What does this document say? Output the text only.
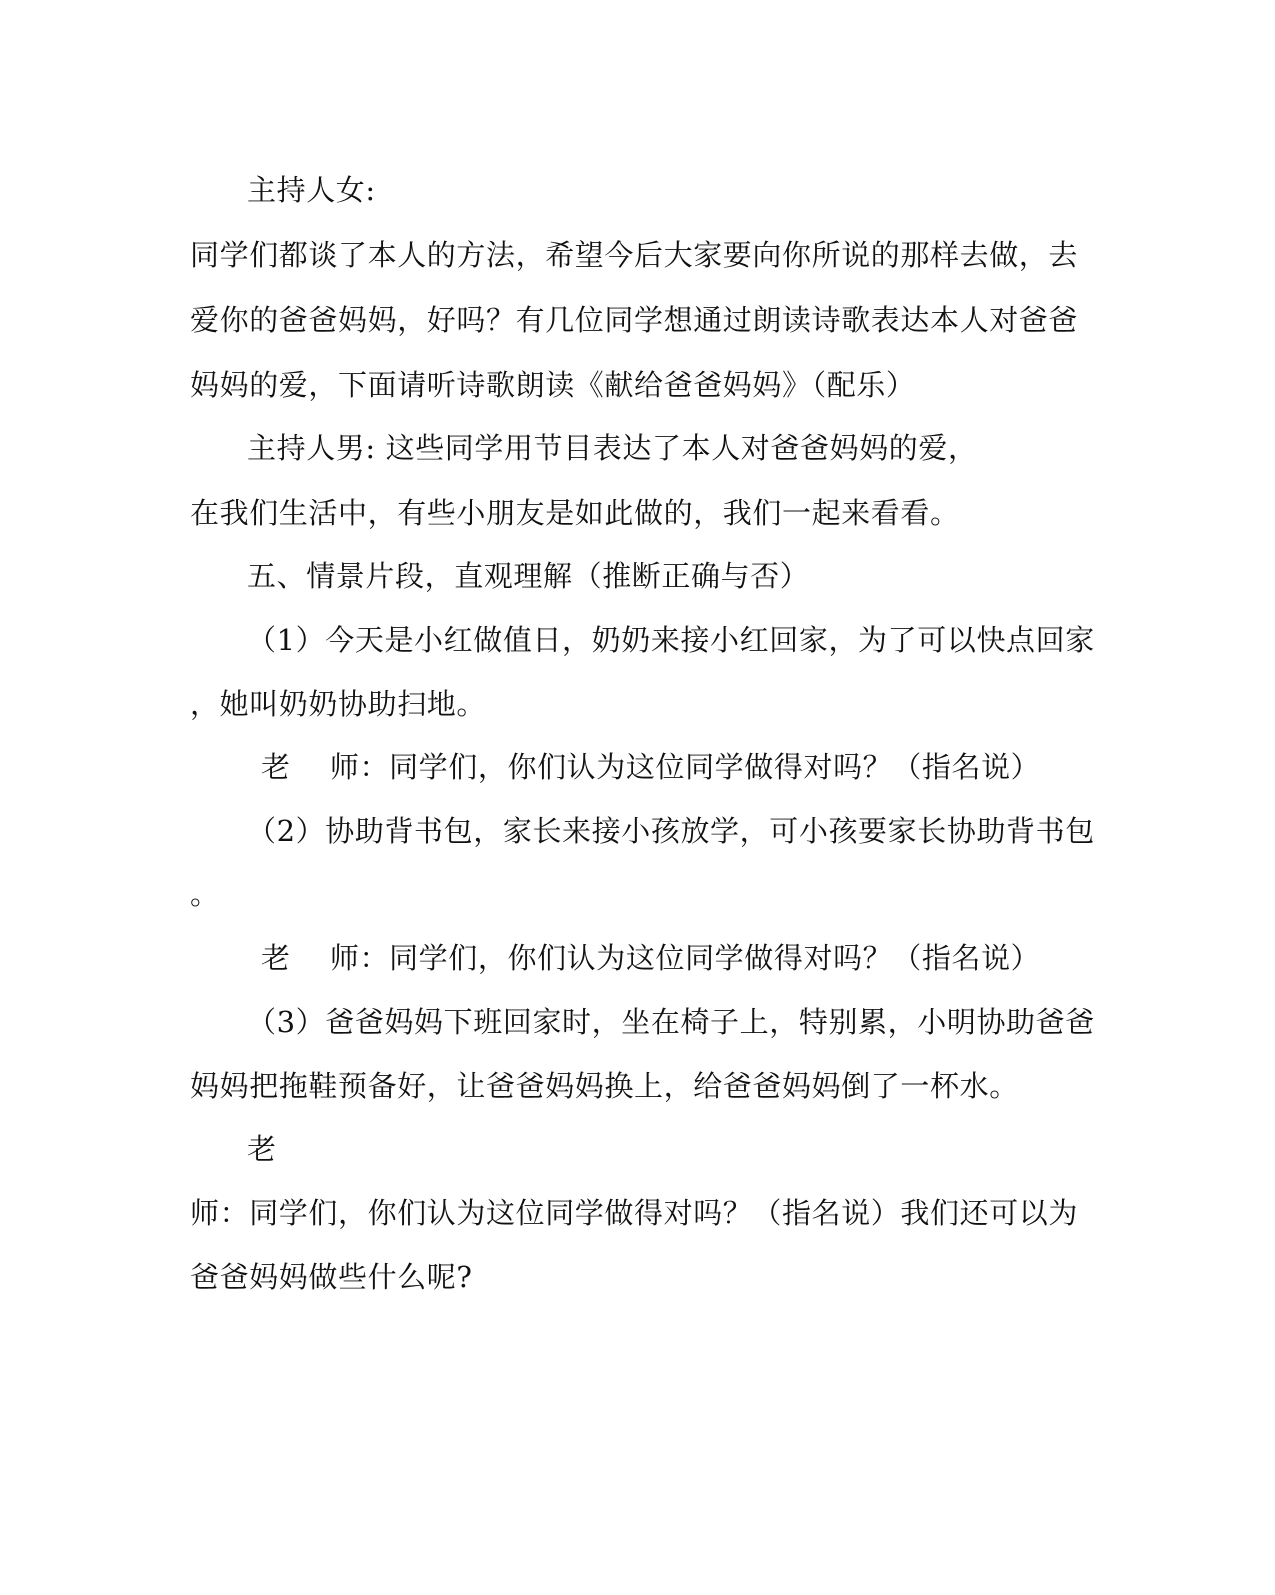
主持人女:
同学们都谈了本人的方法，希望今后大家要向你所说的那样去做，去
爱你的爸爸妈妈，好吗？有几位同学想通过朗读诗歌表达本人对爸爸
妈妈的爱，下面请听诗歌朗读《献给爸爸妈妈》（配乐）
主持人男: 这些同学用节目表达了本人对爸爸妈妈的爱，
在我们生活中，有些小朋友是如此做的，我们一起来看看。
五、情景片段，直观理解（推断正确与否）
（1）今天是小红做值日，奶奶来接小红回家，为了可以快点回家
，她叫奶奶协助扫地。
老    师：同学们，你们认为这位同学做得对吗？（指名说）
（2）协助背书包，家长来接小孩放学，可小孩要家长协助背书包
。
老    师：同学们，你们认为这位同学做得对吗？（指名说）
（3）爸爸妈妈下班回家时，坐在椅子上，特别累，小明协助爸爸
妈妈把拖鞋预备好，让爸爸妈妈换上，给爸爸妈妈倒了一杯水。
老
师：同学们，你们认为这位同学做得对吗？（指名说）我们还可以为
爸爸妈妈做些什么呢?
